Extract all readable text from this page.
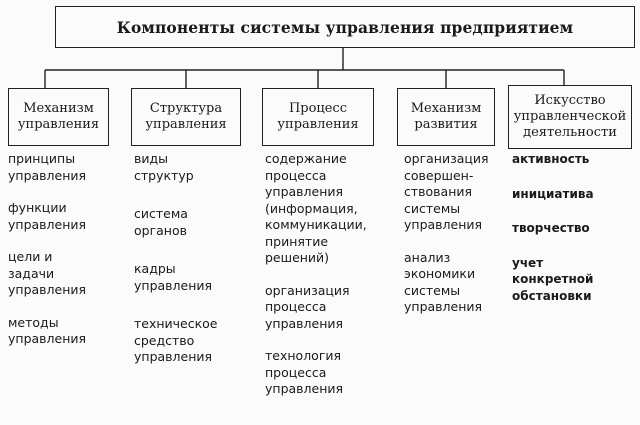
Компоненты системы управления предприятием
Механизм
управления
Структура
управления
Процесс
управления
Механизм
развития
Искусство
управленческой
деятельности
принципы
управления
функции
управления
цели и
задачи
управления
методы
управления
виды
структур
система
органов
кадры
управления
техническое
средство
управления
содержание
процесса
управления
(информация,
коммуникации,
принятие
решений)
организация
процесса
управления
технология
процесса
управления
организация
совершен-
ствования
системы
управления
анализ
экономики
системы
управления
активность
инициатива
творчество
учет
конкретной
обстановки
